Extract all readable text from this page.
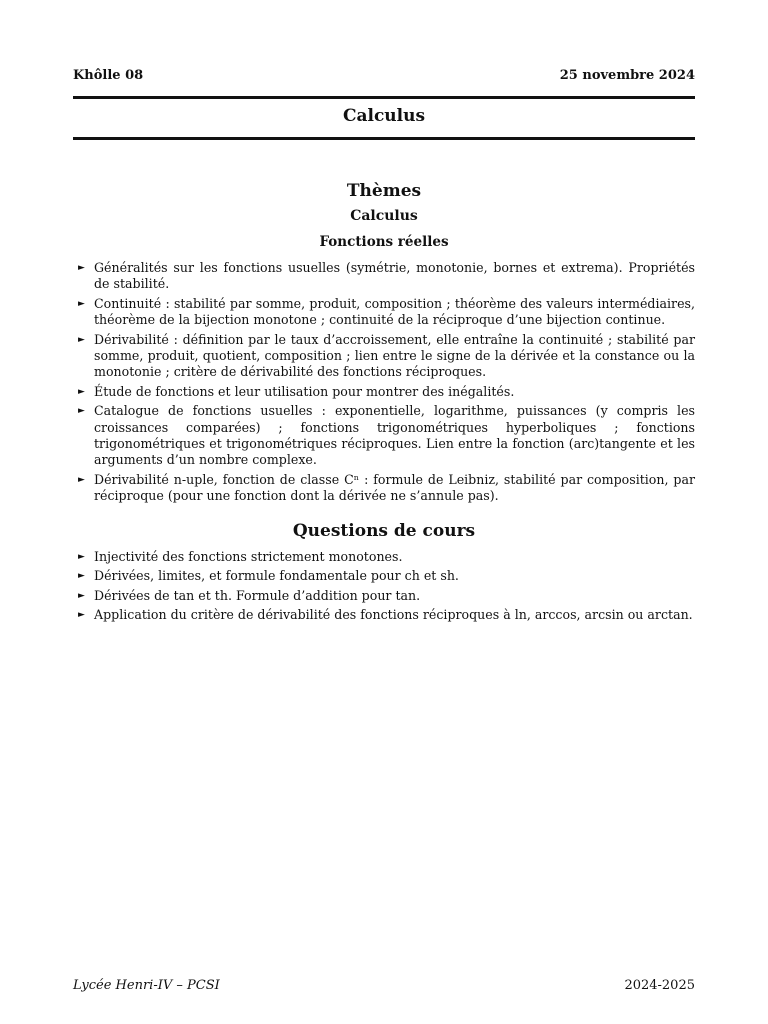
Khôlle 08	25 novembre 2024
Calculus
Thèmes
Calculus
Fonctions réelles
► Généralités sur les fonctions usuelles (symétrie, monotonie, bornes et extrema). Propriétés de stabilité.
► Continuité : stabilité par somme, produit, composition ; théorème des valeurs intermédiaires, théorème de la bijection monotone ; continuité de la réciproque d’une bijection continue.
► Dérivabilité : définition par le taux d’accroissement, elle entraîne la continuité ; stabilité par somme, produit, quotient, composition ; lien entre le signe de la dérivée et la constance ou la monotonie ; critère de dérivabilité des fonctions réciproques.
► Étude de fonctions et leur utilisation pour montrer des inégalités.
► Catalogue de fonctions usuelles : exponentielle, logarithme, puissances (y compris les croissances comparées) ; fonctions trigonométriques hyperboliques ; fonctions trigonométriques et trigonométriques réciproques. Lien entre la fonction (arc)tangente et les arguments d’un nombre complexe.
► Dérivabilité n-uple, fonction de classe Cⁿ : formule de Leibniz, stabilité par composition, par réciproque (pour une fonction dont la dérivée ne s’annule pas).
Questions de cours
► Injectivité des fonctions strictement monotones.
► Dérivées, limites, et formule fondamentale pour ch et sh.
► Dérivées de tan et th. Formule d’addition pour tan.
► Application du critère de dérivabilité des fonctions réciproques à ln, arccos, arcsin ou arctan.
Lycée Henri-IV – PCSI	2024-2025
